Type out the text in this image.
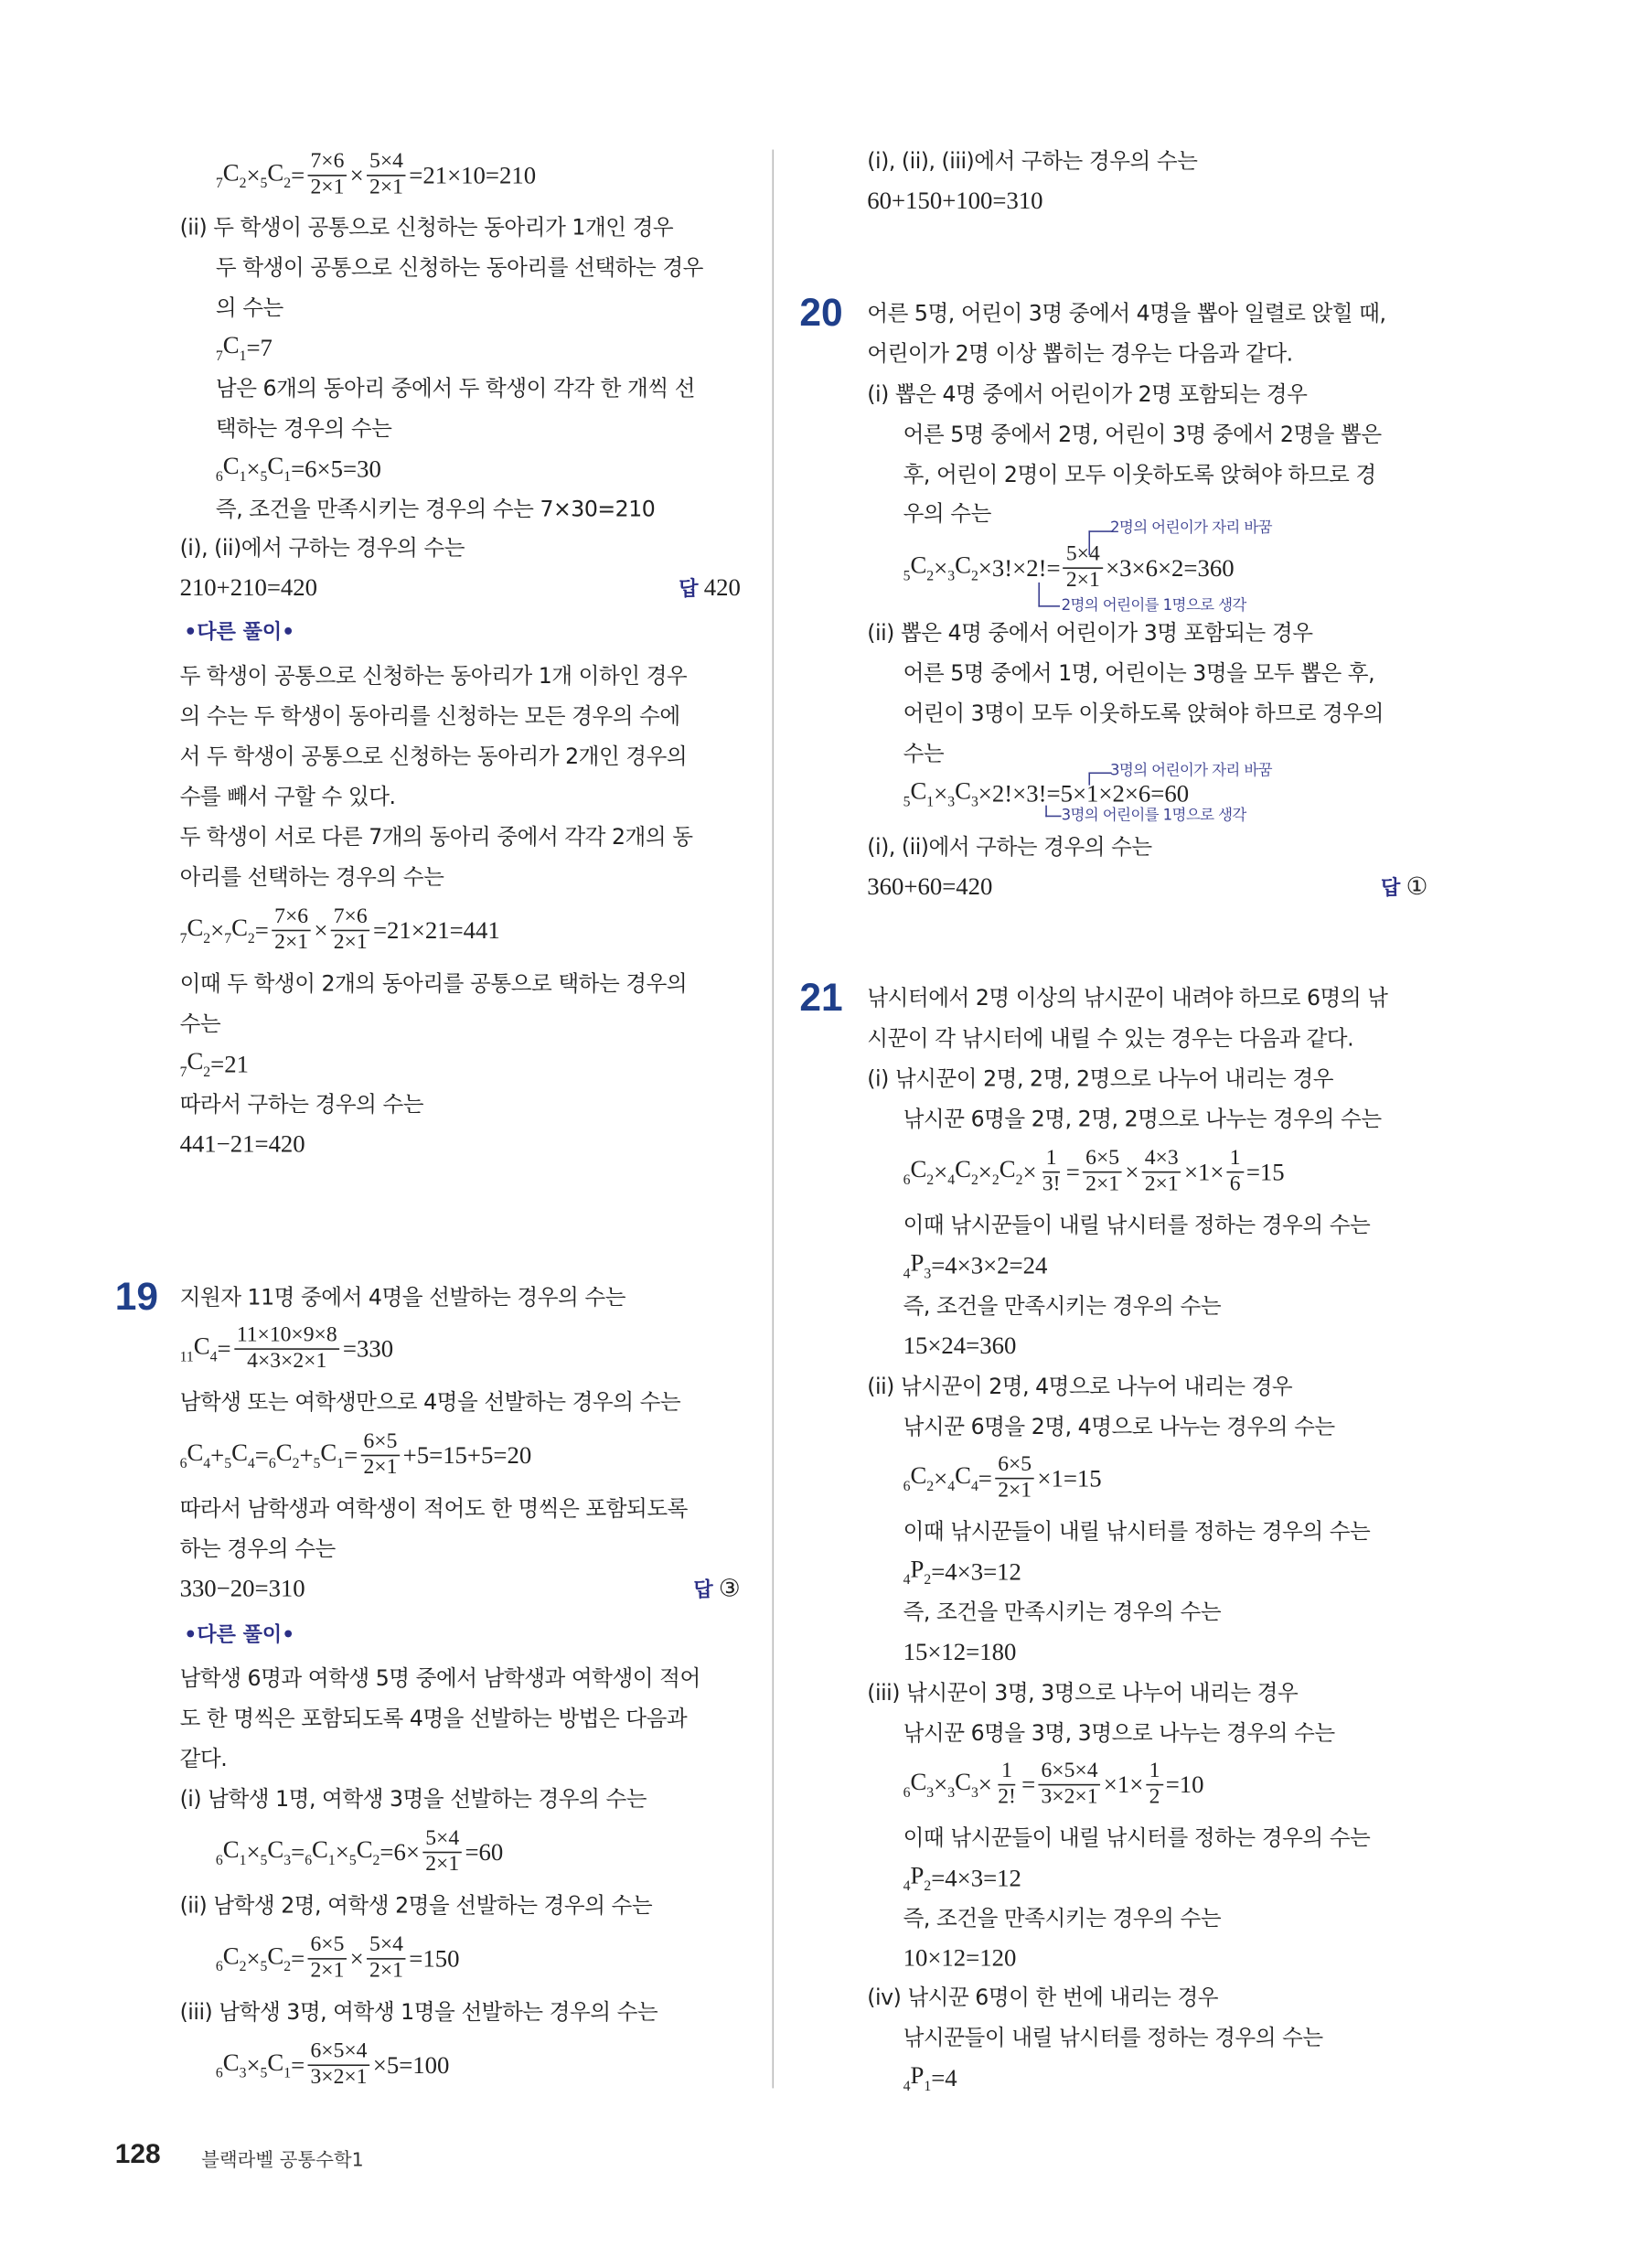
$_7C_2 \times _5C_2 = \frac{7\times 6}{2\times 1} \times \frac{5\times 4}{2\times 1} =21\times 10=210$
(ii) 두 학생이 공통으로 신청하는 동아리가 1개인 경우
두 학생이 공통으로 신청하는 동아리를 선택하는 경우
의 수는
$_7C_1 =7$
남은 6개의 동아리 중에서 두 학생이 각각 한 개씩 선
택하는 경우의 수는
$_6C_1 \times _5C_1 =6\times 5=30$
즉, 조건을 만족시키는 경우의 수는 7×30=210
(i), (ii)에서 구하는 경우의 수는
210+210=420	답 420
•다른 풀이•
두 학생이 공통으로 신청하는 동아리가 1개 이하인 경우
의 수는 두 학생이 동아리를 신청하는 모든 경우의 수에
서 두 학생이 공통으로 신청하는 동아리가 2개인 경우의
수를 빼서 구할 수 있다.
두 학생이 서로 다른 7개의 동아리 중에서 각각 2개의 동
아리를 선택하는 경우의 수는
$_7C_2 \times _7C_2 = \frac{7\times 6}{2\times 1} \times \frac{7\times 6}{2\times 1} =21\times 21=441$
이때 두 학생이 2개의 동아리를 공통으로 택하는 경우의
수는
$_7C_2 =21$
따라서 구하는 경우의 수는
441−21=420
19 지원자 11명 중에서 4명을 선발하는 경우의 수는
$_{11}C_4 = \frac{11\times 10\times 9\times 8}{4\times 3\times 2\times 1} =330$
남학생 또는 여학생만으로 4명을 선발하는 경우의 수는
$_6C_4 + _5C_4 = _6C_2 + _5C_1 = \frac{6\times 5}{2\times 1} +5=15+5=20$
따라서 남학생과 여학생이 적어도 한 명씩은 포함되도록
하는 경우의 수는
330−20=310	답 ③
•다른 풀이•
남학생 6명과 여학생 5명 중에서 남학생과 여학생이 적어
도 한 명씩은 포함되도록 4명을 선발하는 방법은 다음과
같다.
(i) 남학생 1명, 여학생 3명을 선발하는 경우의 수는
$_6C_1 \times _5C_3 = _6C_1 \times _5C_2 =6\times \frac{5\times 4}{2\times 1} =60$
(ii) 남학생 2명, 여학생 2명을 선발하는 경우의 수는
$_6C_2 \times _5C_2 = \frac{6\times 5}{2\times 1} \times \frac{5\times 4}{2\times 1} =150$
(iii) 남학생 3명, 여학생 1명을 선발하는 경우의 수는
$_6C_3 \times _5C_1 = \frac{6\times 5\times 4}{3\times 2\times 1} \times 5=100$
(i), (ii), (iii)에서 구하는 경우의 수는
60+150+100=310
20 어른 5명, 어린이 3명 중에서 4명을 뽑아 일렬로 앉힐 때,
어린이가 2명 이상 뽑히는 경우는 다음과 같다.
(i) 뽑은 4명 중에서 어린이가 2명 포함되는 경우
어른 5명 중에서 2명, 어린이 3명 중에서 2명을 뽑은
후, 어린이 2명이 모두 이웃하도록 앉혀야 하므로 경
우의 수는
2명의 어린이가 자리 바꿈
$_5C_2 \times _3C_2 \times 3!\times 2!= \frac{5\times 4}{2\times 1} \times 3\times 6\times 2=360$
2명의 어린이를 1명으로 생각
(ii) 뽑은 4명 중에서 어린이가 3명 포함되는 경우
어른 5명 중에서 1명, 어린이는 3명을 모두 뽑은 후,
어린이 3명이 모두 이웃하도록 앉혀야 하므로 경우의
수는
3명의 어린이가 자리 바꿈
$_5C_1 \times _3C_3 \times 2!\times 3!=5\times 1\times 2\times 6=60$
3명의 어린이를 1명으로 생각
(i), (ii)에서 구하는 경우의 수는
360+60=420	답 ①
21 낚시터에서 2명 이상의 낚시꾼이 내려야 하므로 6명의 낚
시꾼이 각 낚시터에 내릴 수 있는 경우는 다음과 같다.
(i) 낚시꾼이 2명, 2명, 2명으로 나누어 내리는 경우
낚시꾼 6명을 2명, 2명, 2명으로 나누는 경우의 수는
$_6C_2 \times _4C_2 \times _2C_2 \times \frac{1}{3!} = \frac{6\times 5}{2\times 1} \times \frac{4\times 3}{2\times 1} \times 1\times \frac{1}{6} =15$
이때 낚시꾼들이 내릴 낚시터를 정하는 경우의 수는
$_4P_3 =4\times 3\times 2=24$
즉, 조건을 만족시키는 경우의 수는
15×24=360
(ii) 낚시꾼이 2명, 4명으로 나누어 내리는 경우
낚시꾼 6명을 2명, 4명으로 나누는 경우의 수는
$_6C_2 \times _4C_4 = \frac{6\times 5}{2\times 1} \times 1=15$
이때 낚시꾼들이 내릴 낚시터를 정하는 경우의 수는
$_4P_2 =4\times 3=12$
즉, 조건을 만족시키는 경우의 수는
15×12=180
(iii) 낚시꾼이 3명, 3명으로 나누어 내리는 경우
낚시꾼 6명을 3명, 3명으로 나누는 경우의 수는
$_6C_3 \times _3C_3 \times \frac{1}{2!} = \frac{6\times 5\times 4}{3\times 2\times 1} \times 1\times \frac{1}{2} =10$
이때 낚시꾼들이 내릴 낚시터를 정하는 경우의 수는
$_4P_2 =4\times 3=12$
즉, 조건을 만족시키는 경우의 수는
10×12=120
(iv) 낚시꾼 6명이 한 번에 내리는 경우
낚시꾼들이 내릴 낚시터를 정하는 경우의 수는
$_4P_1 =4$
128	블랙라벨 공통수학1
